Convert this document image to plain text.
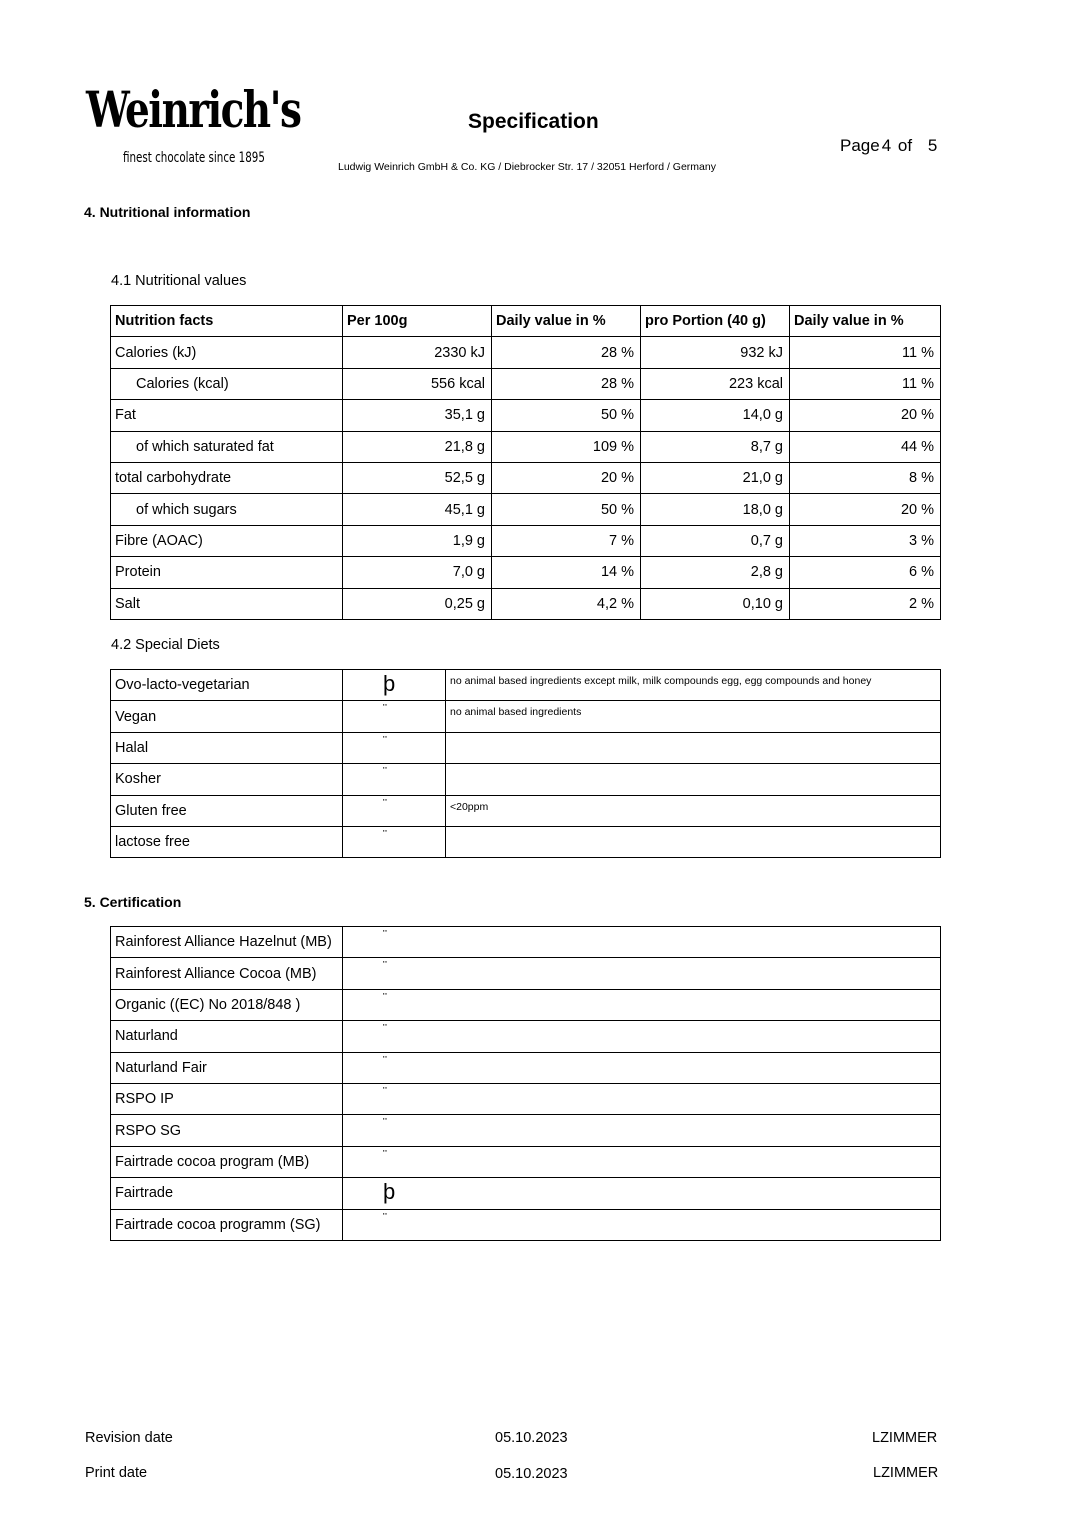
Weinrich's
finest chocolate since 1895
Specification
Page 4 of 5
Ludwig Weinrich GmbH & Co. KG / Diebrocker Str. 17 / 32051 Herford / Germany
4. Nutritional information
4.1 Nutritional values
Nutrition facts	Per 100g	Daily value in %	pro Portion (40 g)	Daily value in %
Calories (kJ)	2330 kJ	28 %	932 kJ	11 %
Calories (kcal)	556 kcal	28 %	223 kcal	11 %
Fat	35,1 g	50 %	14,0 g	20 %
of which saturated fat	21,8 g	109 %	8,7 g	44 %
total carbohydrate	52,5 g	20 %	21,0 g	8 %
of which sugars	45,1 g	50 %	18,0 g	20 %
Fibre (AOAC)	1,9 g	7 %	0,7 g	3 %
Protein	7,0 g	14 %	2,8 g	6 %
Salt	0,25 g	4,2 %	0,10 g	2 %
4.2 Special Diets
Ovo-lacto-vegetarian	þ	no animal based ingredients except milk, milk compounds egg, egg compounds and honey
Vegan	¨	no animal based ingredients
Halal	¨	
Kosher	¨	
Gluten free	¨	<20ppm
lactose free	¨	
5. Certification
Rainforest Alliance Hazelnut (MB)	¨
Rainforest Alliance Cocoa (MB)	¨
Organic ((EC) No 2018/848 )	¨
Naturland	¨
Naturland Fair	¨
RSPO IP	¨
RSPO SG	¨
Fairtrade cocoa program (MB)	¨
Fairtrade	þ
Fairtrade cocoa programm (SG)	¨
Revision date	05.10.2023	LZIMMER
Print date	05.10.2023	LZIMMER
